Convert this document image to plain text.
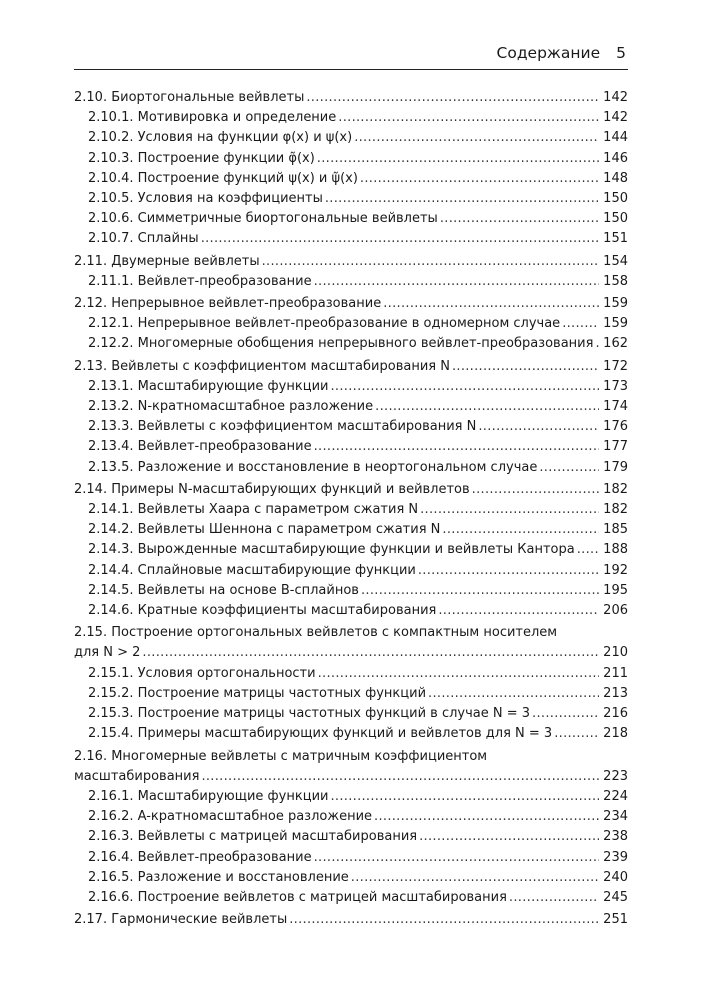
Содержание 5
2.10. Биортогональные вейвлеты .....	142
2.10.1. Мотивировка и определение .....	142
2.10.2. Условия на функции φ(x) и ψ(x) .....	144
2.10.3. Построение функции φ̃(x) .....	146
2.10.4. Построение функций ψ(x) и ψ̃(x) .....	148
2.10.5. Условия на коэффициенты .....	150
2.10.6. Симметричные биортогональные вейвлеты .....	150
2.10.7. Сплайны .....	151
2.11. Двумерные вейвлеты .....	154
2.11.1. Вейвлет-преобразование .....	158
2.12. Непрерывное вейвлет-преобразование .....	159
2.12.1. Непрерывное вейвлет-преобразование в одномерном случае .....	159
2.12.2. Многомерные обобщения непрерывного вейвлет-преобразования ..... 162
2.13. Вейвлеты с коэффициентом масштабирования N .....	172
2.13.1. Масштабирующие функции .....	173
2.13.2. N-кратномасштабное разложение .....	174
2.13.3. Вейвлеты с коэффициентом масштабирования N .....	176
2.13.4. Вейвлет-преобразование .....	177
2.13.5. Разложение и восстановление в неортогональном случае .....	179
2.14. Примеры N-масштабирующих функций и вейвлетов .....	182
2.14.1. Вейвлеты Хаара с параметром сжатия N .....	182
2.14.2. Вейвлеты Шеннона с параметром сжатия N .....	185
2.14.3. Вырожденные масштабирующие функции и вейвлеты Кантора ..... 188
2.14.4. Сплайновые масштабирующие функции .....	192
2.14.5. Вейвлеты на основе B-сплайнов .....	195
2.14.6. Кратные коэффициенты масштабирования .....	206
2.15. Построение ортогональных вейвлетов с компактным носителем
для N > 2 .....	210
2.15.1. Условия ортогональности .....	211
2.15.2. Построение матрицы частотных функций .....	213
2.15.3. Построение матрицы частотных функций в случае N = 3 .....	216
2.15.4. Примеры масштабирующих функций и вейвлетов для N = 3 .....	218
2.16. Многомерные вейвлеты с матричным коэффициентом
масштабирования .....	223
2.16.1. Масштабирующие функции .....	224
2.16.2. A-кратномасштабное разложение .....	234
2.16.3. Вейвлеты с матрицей масштабирования .....	238
2.16.4. Вейвлет-преобразование .....	239
2.16.5. Разложение и восстановление .....	240
2.16.6. Построение вейвлетов с матрицей масштабирования .....	245
2.17. Гармонические вейвлеты .....	251
